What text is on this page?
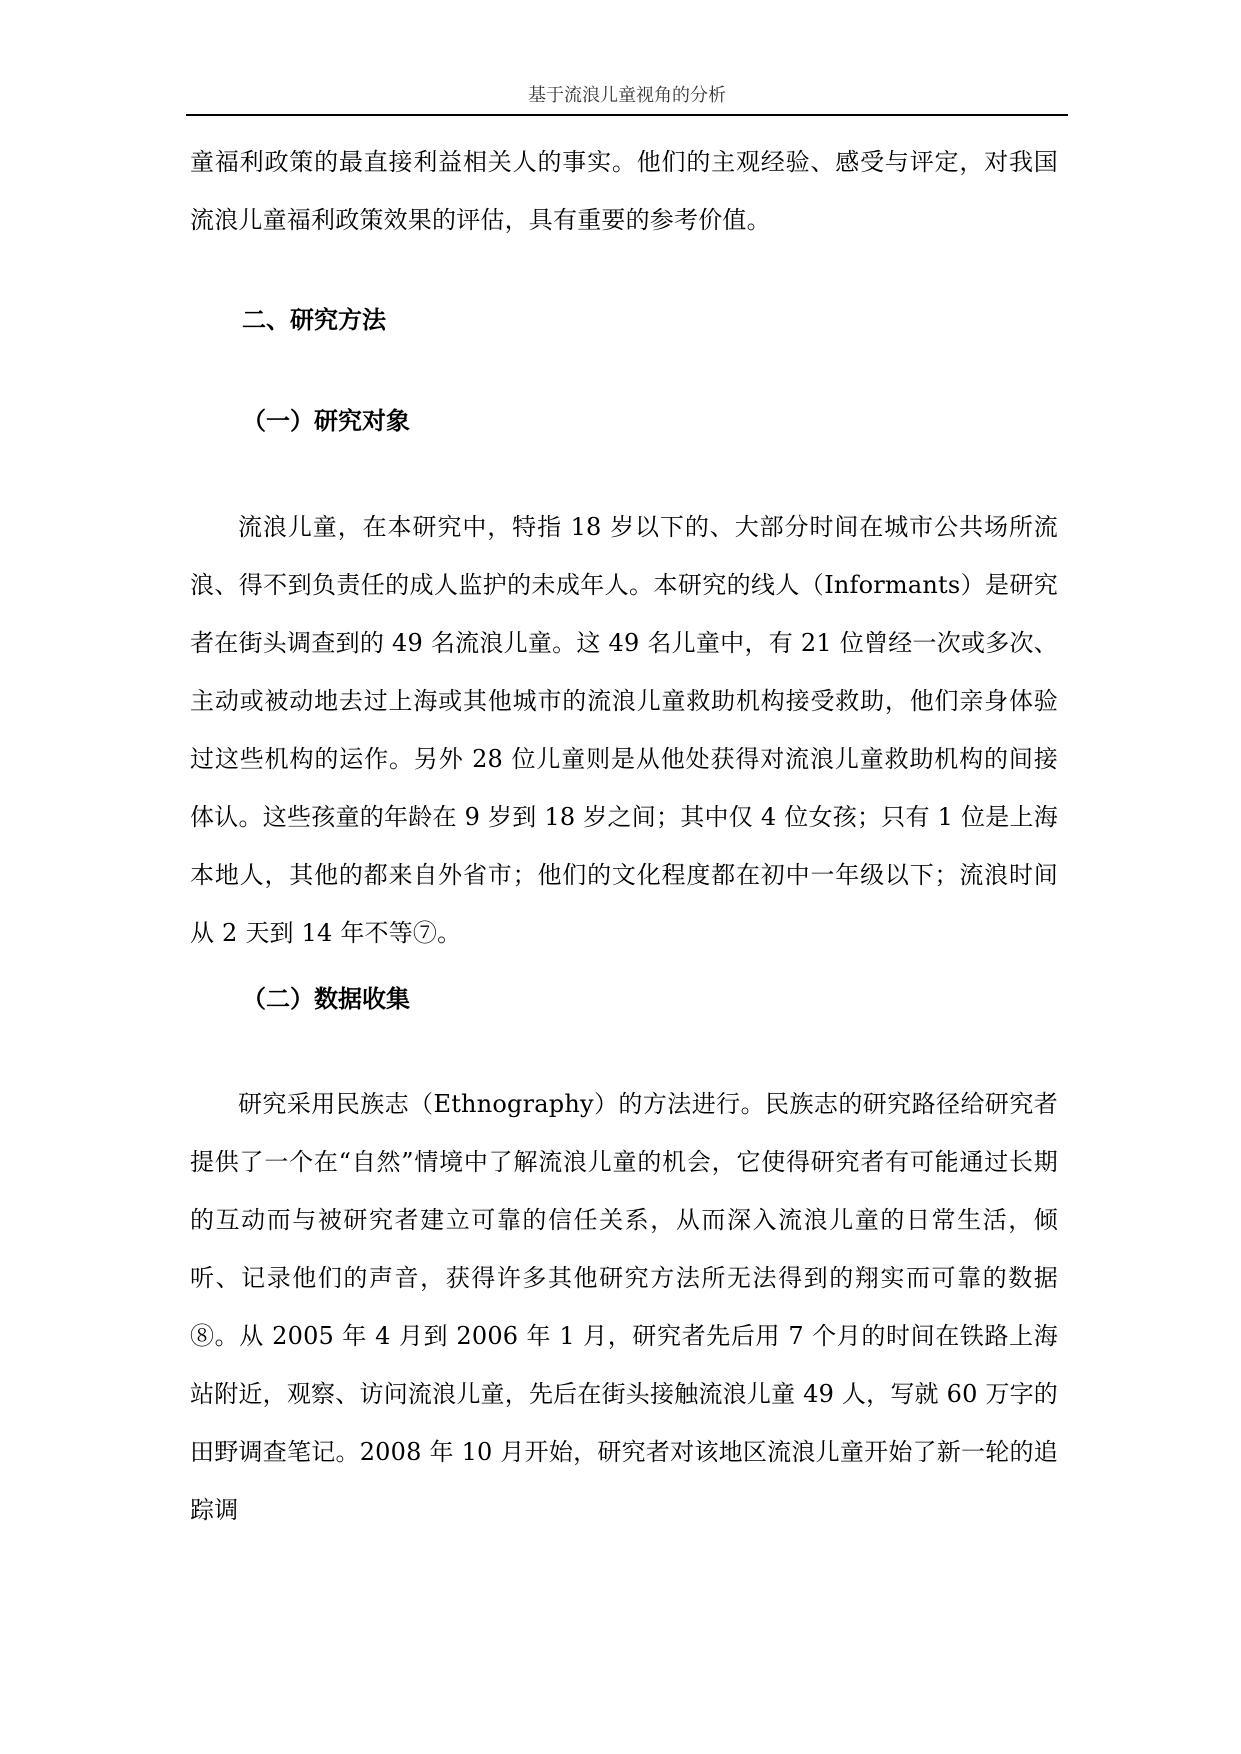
基于流浪儿童视角的分析

童福利政策的最直接利益相关人的事实。他们的主观经验、感受与评定，对我国流浪儿童福利政策效果的评估，具有重要的参考价值。

二、研究方法
（一）研究对象

流浪儿童，在本研究中，特指 18 岁以下的、大部分时间在城市公共场所流浪、得不到负责任的成人监护的未成年人。本研究的线人（Informants）是研究者在街头调查到的 49 名流浪儿童。这 49 名儿童中，有 21 位曾经一次或多次、主动或被动地去过上海或其他城市的流浪儿童救助机构接受救助，他们亲身体验过这些机构的运作。另外 28 位儿童则是从他处获得对流浪儿童救助机构的间接体认。这些孩童的年龄在 9 岁到 18 岁之间；其中仅 4 位女孩；只有 1 位是上海本地人，其他的都来自外省市；他们的文化程度都在初中一年级以下；流浪时间从 2 天到 14 年不等⑦。

（二）数据收集

研究采用民族志（Ethnography）的方法进行。民族志的研究路径给研究者提供了一个在“自然”情境中了解流浪儿童的机会，它使得研究者有可能通过长期的互动而与被研究者建立可靠的信任关系，从而深入流浪儿童的日常生活，倾听、记录他们的声音，获得许多其他研究方法所无法得到的翔实而可靠的数据⑧。从 2005 年 4 月到 2006 年 1 月，研究者先后用 7 个月的时间在铁路上海站附近，观察、访问流浪儿童，先后在街头接触流浪儿童 49 人，写就 60 万字的田野调查笔记。2008 年 10 月开始，研究者对该地区流浪儿童开始了新一轮的追踪调
